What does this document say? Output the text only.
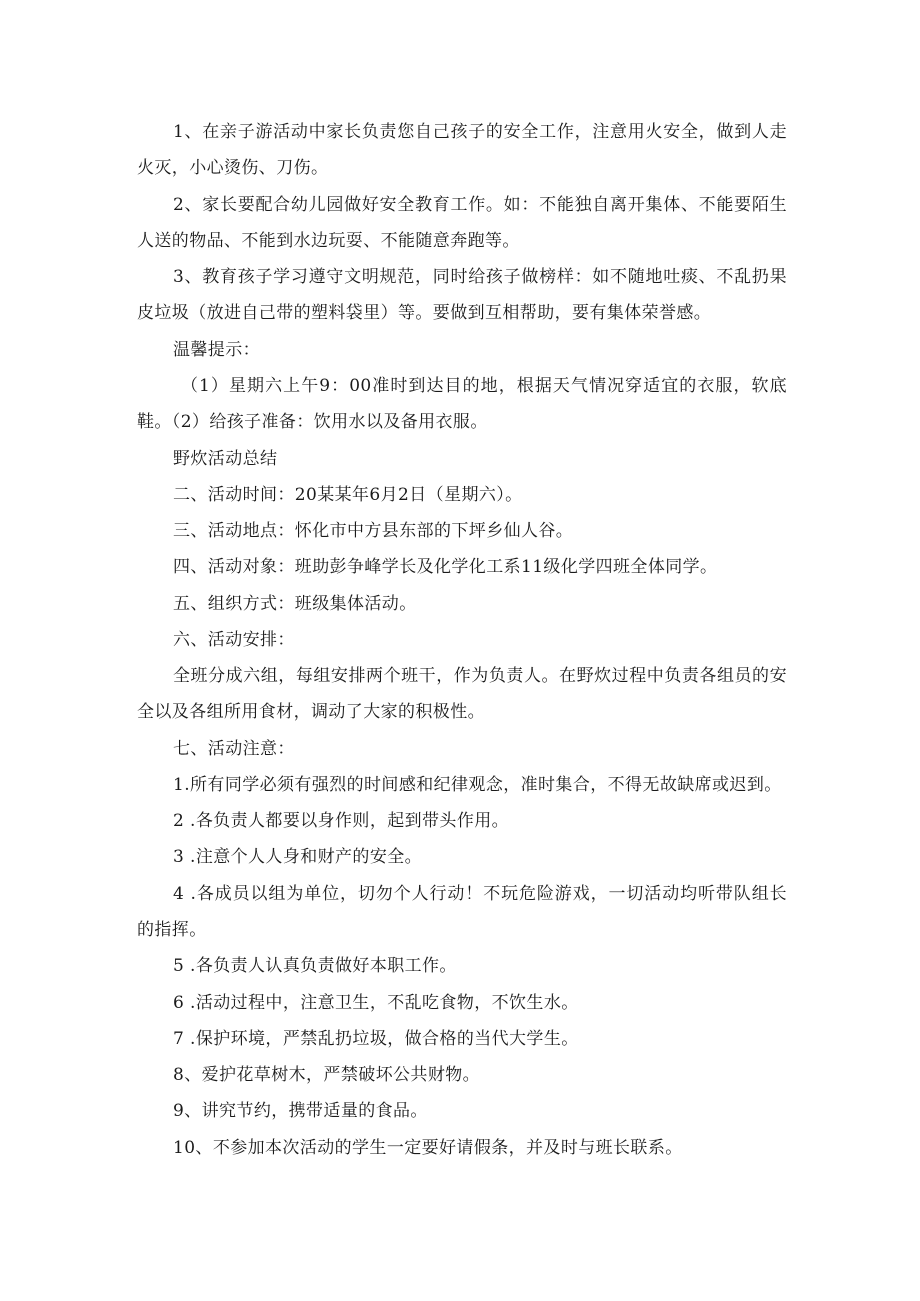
1、在亲子游活动中家长负责您自己孩子的安全工作，注意用火安全，做到人走火灭，小心烫伤、刀伤。

2、家长要配合幼儿园做好安全教育工作。如：不能独自离开集体、不能要陌生人送的物品、不能到水边玩耍、不能随意奔跑等。

3、教育孩子学习遵守文明规范，同时给孩子做榜样：如不随地吐痰、不乱扔果皮垃圾（放进自己带的塑料袋里）等。要做到互相帮助，要有集体荣誉感。

温馨提示：

（1）星期六上午9：00准时到达目的地，根据天气情况穿适宜的衣服，软底鞋。（2）给孩子准备：饮用水以及备用衣服。

野炊活动总结

二、活动时间：20某某年6月2日（星期六）。

三、活动地点：怀化市中方县东部的下坪乡仙人谷。

四、活动对象：班助彭争峰学长及化学化工系11级化学四班全体同学。

五、组织方式：班级集体活动。

六、活动安排：

全班分成六组，每组安排两个班干，作为负责人。在野炊过程中负责各组员的安全以及各组所用食材，调动了大家的积极性。

七、活动注意：

1.所有同学必须有强烈的时间感和纪律观念，准时集合，不得无故缺席或迟到。

2 .各负责人都要以身作则，起到带头作用。

3 .注意个人人身和财产的安全。

4 .各成员以组为单位，切勿个人行动！不玩危险游戏，一切活动均听带队组长的指挥。

5 .各负责人认真负责做好本职工作。

6 .活动过程中，注意卫生，不乱吃食物，不饮生水。

7 .保护环境，严禁乱扔垃圾，做合格的当代大学生。

8、爱护花草树木，严禁破坏公共财物。

9、讲究节约，携带适量的食品。

10、不参加本次活动的学生一定要好请假条，并及时与班长联系。
